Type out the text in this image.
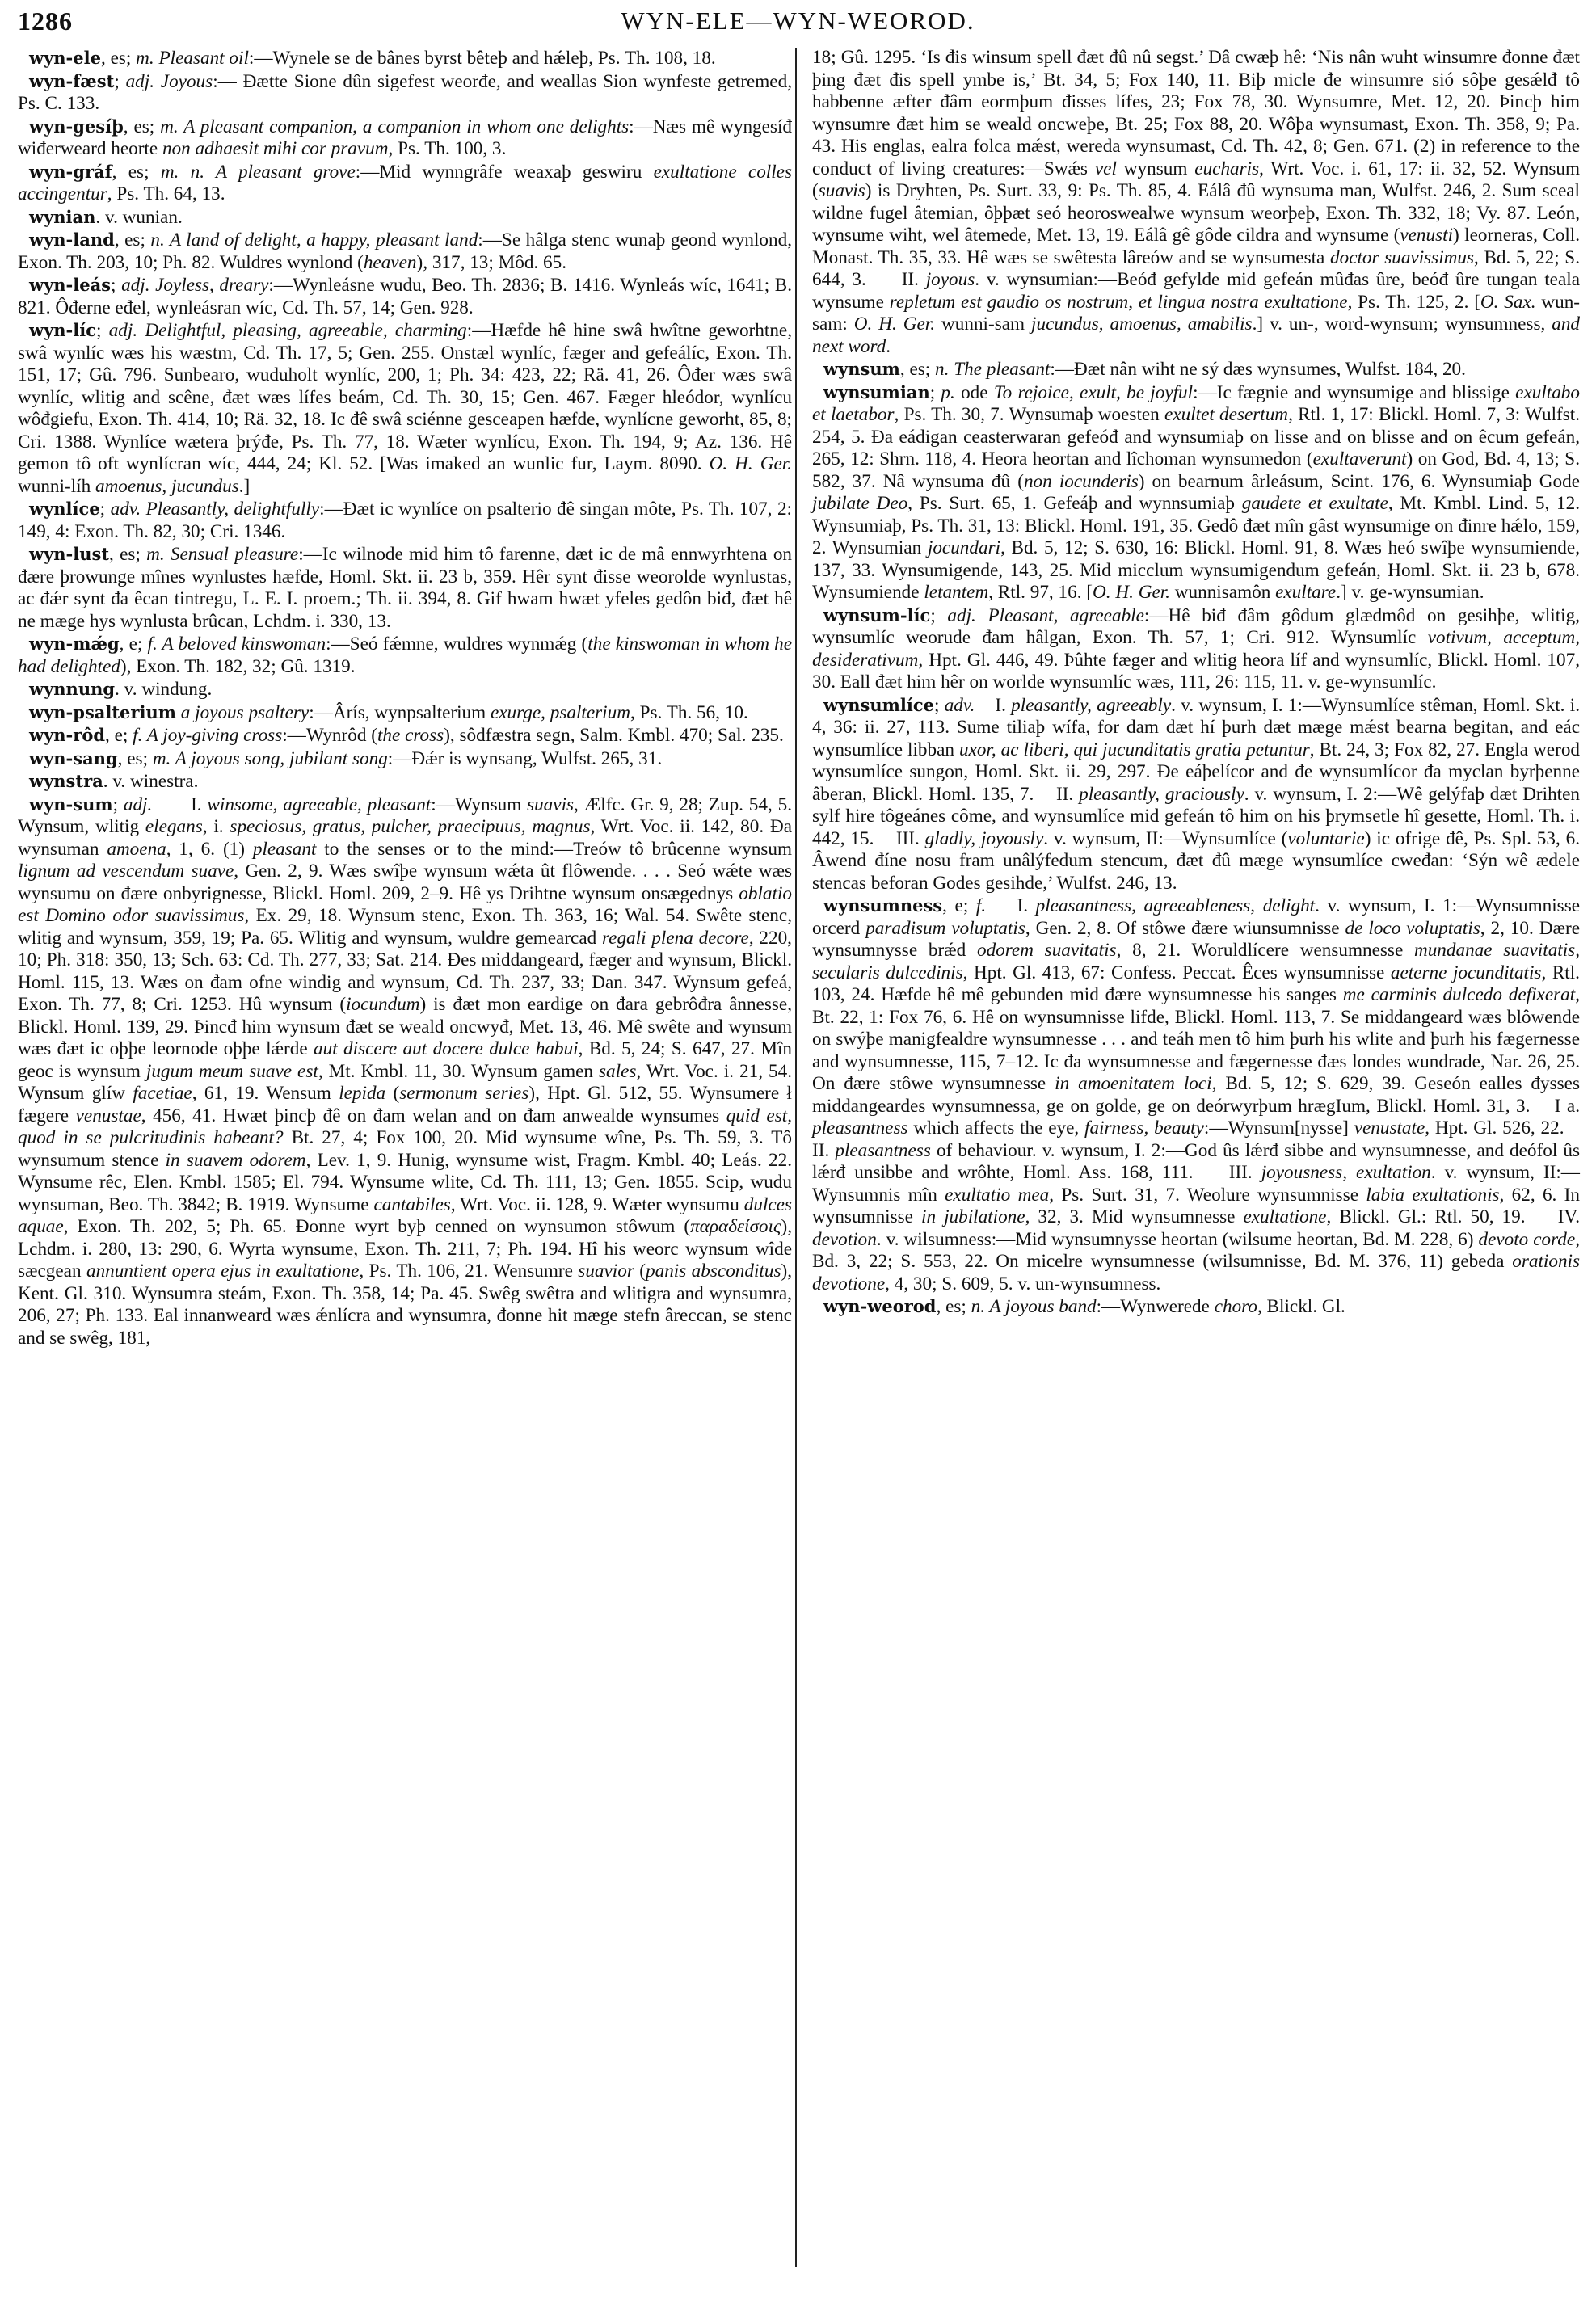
1286	WYN-ELE—WYN-WEOROD.

wyn-ele, es; m. Pleasant oil:—Wynele se đe bânes byrst bêteþ and hǽleþ, Ps. Th. 108, 18.

wyn-fæst; adj. Joyous:— Đætte Sione dûn sigefest weorđe, and weallas Sion wynfeste getremed, Ps. C. 133.

wyn-gesíþ, es; m. A pleasant companion, a companion in whom one delights:—Næs mê wyngesíđ wiđerweard heorte non adhaesit mihi cor pravum, Ps. Th. 100, 3.

wyn-gráf, es; m. n. A pleasant grove:—Mid wynngrâfe weaxaþ geswiru exultatione colles accingentur, Ps. Th. 64, 13.

wynian. v. wunian.

wyn-land, es; n. A land of delight, a happy, pleasant land:—Se hâlga stenc wunaþ geond wynlond, Exon. Th. 203, 10; Ph. 82. Wuldres wynlond (heaven), 317, 13; Môd. 65.

wyn-leás; adj. Joyless, dreary:—Wynleásne wudu, Beo. Th. 2836; B. 1416. Wynleás wíc, 1641; B. 821. Ôđerne eđel, wynleásran wíc, Cd. Th. 57, 14; Gen. 928.

wyn-líc; adj. Delightful, pleasing, agreeable, charming:—Hæfde hê hine swâ hwîtne geworhtne, swâ wynlíc wæs his wæstm, Cd. Th. 17, 5; Gen. 255. Onstæl wynlíc, fæger and gefeálíc, Exon. Th. 151, 17; Gû. 796. Sunbearo, wuduholt wynlíc, 200, 1; Ph. 34: 423, 22; Rä. 41, 26. Ôđer wæs swâ wynlíc, wlitig and scêne, đæt wæs lífes beám, Cd. Th. 30, 15; Gen. 467. Fæger hleódor, wynlícu wôđgiefu, Exon. Th. 414, 10; Rä. 32, 18. Ic đê swâ sciénne gesceapen hæfde, wynlícne geworht, 85, 8; Cri. 1388. Wynlíce wætera þrýđe, Ps. Th. 77, 18. Wæter wynlícu, Exon. Th. 194, 9; Az. 136. Hê gemon tô oft wynlícran wíc, 444, 24; Kl. 52. [Was imaked an wunlic fur, Laym. 8090. O. H. Ger. wunni-líh amoenus, jucundus.]

wynlíce; adv. Pleasantly, delightfully:—Đæt ic wynlíce on psalterio đê singan môte, Ps. Th. 107, 2: 149, 4: Exon. Th. 82, 30; Cri. 1346.

wyn-lust, es; m. Sensual pleasure:—Ic wilnode mid him tô farenne, đæt ic đe mâ ennwyrhtena on đære þrowunge mînes wynlustes hæfde, Homl. Skt. ii. 23 b, 359. Hêr synt đisse weorolde wynlustas, ac đǽr synt đa êcan tintregu, L. E. I. proem.; Th. ii. 394, 8. Gif hwam hwæt yfeles gedôn biđ, đæt hê ne mæge hys wynlusta brûcan, Lchdm. i. 330, 13.

wyn-mǽg, e; f. A beloved kinswoman:—Seó fǽmne, wuldres wynmǽg (the kinswoman in whom he had delighted), Exon. Th. 182, 32; Gû. 1319.

wynnung. v. windung.

wyn-psalterium a joyous psaltery:—Ârís, wynpsalterium exurge, psalterium, Ps. Th. 56, 10.

wyn-rôd, e; f. A joy-giving cross:—Wynrôd (the cross), sôđfæstra segn, Salm. Kmbl. 470; Sal. 235.

wyn-sang, es; m. A joyous song, jubilant song:—Đǽr is wynsang, Wulfst. 265, 31.

wynstra. v. winestra.

wyn-sum; adj.       I. winsome, agreeable, pleasant:—Wynsum suavis, Ælfc. Gr. 9, 28; Zup. 54, 5. Wynsum, wlitig elegans, i. speciosus, gratus, pulcher, praecipuus, magnus, Wrt. Voc. ii. 142, 80. Đa wynsuman amoena, 1, 6. (1) pleasant to the senses or to the mind:—Treów tô brûcenne wynsum lignum ad vescendum suave, Gen. 2, 9. Wæs swîþe wynsum wǽta ût flôwende. . . . Seó wǽte wæs wynsumu on đære onbyrignesse, Blickl. Homl. 209, 2–9. Hê ys Drihtne wynsum onsægednys oblatio est Domino odor suavissimus, Ex. 29, 18. Wynsum stenc, Exon. Th. 363, 16; Wal. 54. Swête stenc, wlitig and wynsum, 359, 19; Pa. 65. Wlitig and wynsum, wuldre gemearcad regali plena decore, 220, 10; Ph. 318: 350, 13; Sch. 63: Cd. Th. 277, 33; Sat. 214. Đes middangeard, fæger and wynsum, Blickl. Homl. 115, 13. Wæs on đam ofne windig and wynsum, Cd. Th. 237, 33; Dan. 347. Wynsum gefeá, Exon. Th. 77, 8; Cri. 1253. Hû wynsum (iocundum) is đæt mon eardige on đara gebrôđra ânnesse, Blickl. Homl. 139, 29. Þincđ him wynsum đæt se weald oncwyđ, Met. 13, 46. Mê swête and wynsum wæs đæt ic oþþe leornode oþþe lǽrde aut discere aut docere dulce habui, Bd. 5, 24; S. 647, 27. Mîn geoc is wynsum jugum meum suave est, Mt. Kmbl. 11, 30. Wynsum gamen sales, Wrt. Voc. i. 21, 54. Wynsum glíw facetiae, 61, 19. Wensum lepida (sermonum series), Hpt. Gl. 512, 55. Wynsumere ł fægere venustae, 456, 41. Hwæt þincþ đê on đam welan and on đam anwealde wynsumes quid est, quod in se pulcritudinis habeant? Bt. 27, 4; Fox 100, 20. Mid wynsume wîne, Ps. Th. 59, 3. Tô wynsumum stence in suavem odorem, Lev. 1, 9. Hunig, wynsume wist, Fragm. Kmbl. 40; Leás. 22. Wynsume rêc, Elen. Kmbl. 1585; El. 794. Wynsume wlite, Cd. Th. 111, 13; Gen. 1855. Scip, wudu wynsuman, Beo. Th. 3842; B. 1919. Wynsume cantabiles, Wrt. Voc. ii. 128, 9. Wæter wynsumu dulces aquae, Exon. Th. 202, 5; Ph. 65. Đonne wyrt byþ cenned on wynsumon stôwum (παραδείσοις), Lchdm. i. 280, 13: 290, 6. Wyrta wynsume, Exon. Th. 211, 7; Ph. 194. Hî his weorc wynsum wîde sæcgean annuntient opera ejus in exultatione, Ps. Th. 106, 21. Wensumre suavior (panis absconditus), Kent. Gl. 310. Wynsumra steám, Exon. Th. 358, 14; Pa. 45. Swêg swêtra and wlitigra and wynsumra, 206, 27; Ph. 133. Eal innanweard wæs ǽnlícra and wynsumra, đonne hit mæge stefn âreccan, se stenc and se swêg, 181,

18; Gû. 1295. ‘Is đis winsum spell đæt đû nû segst.’ Đâ cwæþ hê: ‘Nis nân wuht winsumre đonne đæt þing đæt đis spell ymbe is,’ Bt. 34, 5; Fox 140, 11. Biþ micle đe winsumre sió sôþe gesǽlđ tô habbenne æfter đâm eormþum đisses lífes, 23; Fox 78, 30. Wynsumre, Met. 12, 20. Þincþ him wynsumre đæt him se weald oncweþe, Bt. 25; Fox 88, 20. Wôþa wynsumast, Exon. Th. 358, 9; Pa. 43. His englas, ealra folca mǽst, wereda wynsumast, Cd. Th. 42, 8; Gen. 671. (2) in reference to the conduct of living creatures:—Swǽs vel wynsum eucharis, Wrt. Voc. i. 61, 17: ii. 32, 52. Wynsum (suavis) is Dryhten, Ps. Surt. 33, 9: Ps. Th. 85, 4. Eálâ đû wynsuma man, Wulfst. 246, 2. Sum sceal wildne fugel âtemian, ôþþæt seó heoroswealwe wynsum weorþeþ, Exon. Th. 332, 18; Vy. 87. León, wynsume wiht, wel âtemede, Met. 13, 19. Eálâ gê gôde cildra and wynsume (venusti) leorneras, Coll. Monast. Th. 35, 33. Hê wæs se swêtesta lâreów and se wynsumesta doctor suavissimus, Bd. 5, 22; S. 644, 3.     II. joyous. v. wynsumian:—Beóđ gefylde mid gefeán mûđas ûre, beóđ ûre tungan teala wynsume repletum est gaudio os nostrum, et lingua nostra exultatione, Ps. Th. 125, 2. [O. Sax. wun-sam: O. H. Ger. wunni-sam jucundus, amoenus, amabilis.] v. un-, word-wynsum; wynsumness, and next word.

wynsum, es; n. The pleasant:—Đæt nân wiht ne sý đæs wynsumes, Wulfst. 184, 20.

wynsumian; p. ode To rejoice, exult, be joyful:—Ic fægnie and wynsumige and blissige exultabo et laetabor, Ps. Th. 30, 7. Wynsumaþ woesten exultet desertum, Rtl. 1, 17: Blickl. Homl. 7, 3: Wulfst. 254, 5. Đa eádigan ceasterwaran gefeóđ and wynsumiaþ on lisse and on blisse and on êcum gefeán, 265, 12: Shrn. 118, 4. Heora heortan and lîchoman wynsumedon (exultaverunt) on God, Bd. 4, 13; S. 582, 37. Nâ wynsuma đû (non iocunderis) on bearnum ârleásum, Scint. 176, 6. Wynsumiaþ Gode jubilate Deo, Ps. Surt. 65, 1. Gefeáþ and wynnsumiaþ gaudete et exultate, Mt. Kmbl. Lind. 5, 12. Wynsumiaþ, Ps. Th. 31, 13: Blickl. Homl. 191, 35. Gedô đæt mîn gâst wynsumige on đinre hǽlo, 159, 2. Wynsumian jocundari, Bd. 5, 12; S. 630, 16: Blickl. Homl. 91, 8. Wæs heó swîþe wynsumiende, 137, 33. Wynsumigende, 143, 25. Mid micclum wynsumigendum gefeán, Homl. Skt. ii. 23 b, 678. Wynsumiende letantem, Rtl. 97, 16. [O. H. Ger. wunnisamôn exultare.] v. ge-wynsumian.

wynsum-líc; adj. Pleasant, agreeable:—Hê biđ đâm gôdum glædmôd on gesihþe, wlitig, wynsumlíc weorude đam hâlgan, Exon. Th. 57, 1; Cri. 912. Wynsumlíc votivum, acceptum, desiderativum, Hpt. Gl. 446, 49. Þûhte fæger and wlitig heora líf and wynsumlíc, Blickl. Homl. 107, 30. Eall đæt him hêr on worlde wynsumlíc wæs, 111, 26: 115, 11. v. ge-wynsumlíc.

wynsumlíce; adv.    I. pleasantly, agreeably. v. wynsum, I. 1:—Wynsumlíce stêman, Homl. Skt. i. 4, 36: ii. 27, 113. Sume tiliaþ wífa, for đam đæt hí þurh đæt mæge mǽst bearna begitan, and eác wynsumlíce libban uxor, ac liberi, qui jucunditatis gratia petuntur, Bt. 24, 3; Fox 82, 27. Engla werod wynsumlíce sungon, Homl. Skt. ii. 29, 297. Đe eáþelícor and đe wynsumlícor đa myclan byrþenne âberan, Blickl. Homl. 135, 7.    II. pleasantly, graciously. v. wynsum, I. 2:—Wê gelýfaþ đæt Drihten sylf hire tôgeánes côme, and wynsumlíce mid gefeán tô him on his þrymsetle hî gesette, Homl. Th. i. 442, 15.    III. gladly, joyously. v. wynsum, II:—Wynsumlíce (voluntarie) ic ofrige đê, Ps. Spl. 53, 6. Âwend đíne nosu fram unâlýfedum stencum, đæt đû mæge wynsumlíce cwеđan: ‘Sýn wê ædele stencas beforan Godes gesihđe,’ Wulfst. 246, 13.

wynsumness, e; f.    I. pleasantness, agreeableness, delight. v. wynsum, I. 1:—Wynsumnisse orcerd paradisum voluptatis, Gen. 2, 8. Of stôwe đære wiunsumnisse de loco voluptatis, 2, 10. Đære wynsumnysse brǽđ odorem suavitatis, 8, 21. Woruldlícere wensumnesse mundanae suavitatis, secularis dulcedinis, Hpt. Gl. 413, 67: Confess. Peccat. Êces wynsumnisse aeterne jocunditatis, Rtl. 103, 24. Hæfde hê mê gebunden mid đære wynsumnesse his sanges me carminis dulcedo defixerat, Bt. 22, 1: Fox 76, 6. Hê on wynsumnisse lifde, Blickl. Homl. 113, 7. Se middangeard wæs blôwende on swýþe manigfealdre wynsumnesse . . . and teáh men tô him þurh his wlite and þurh his fægernesse and wynsumnesse, 115, 7–12. Ic đa wynsumnesse and fægernesse đæs londes wundrade, Nar. 26, 25. On đære stôwe wynsumnesse in amoenitatem loci, Bd. 5, 12; S. 629, 39. Geseón ealles đysses middangeardes wynsumnessa, ge on golde, ge on deórwyrþum hrægIum, Blickl. Homl. 31, 3.    I a. pleasantness which affects the eye, fairness, beauty:—Wynsum[nysse] venustate, Hpt. Gl. 526, 22.    II. pleasantness of behaviour. v. wynsum, I. 2:—God ûs lǽrđ sibbe and wynsumnesse, and deófol ûs lǽrđ unsibbe and wrôhte, Homl. Ass. 168, 111.    III. joyousness, exultation. v. wynsum, II:—Wynsumnis mîn exultatio mea, Ps. Surt. 31, 7. Weolure wynsumnisse labia exultationis, 62, 6. In wynsumnisse in jubilatione, 32, 3. Mid wynsumnesse exultatione, Blickl. Gl.: Rtl. 50, 19.    IV. devotion. v. wilsumness:—Mid wynsumnysse heortan (wilsume heortan, Bd. M. 228, 6) devoto corde, Bd. 3, 22; S. 553, 22. On micelre wynsumnesse (wilsumnisse, Bd. M. 376, 11) gebeda orationis devotione, 4, 30; S. 609, 5. v. un-wynsumness.

wyn-weorod, es; n. A joyous band:—Wynwerede choro, Blickl. Gl.
